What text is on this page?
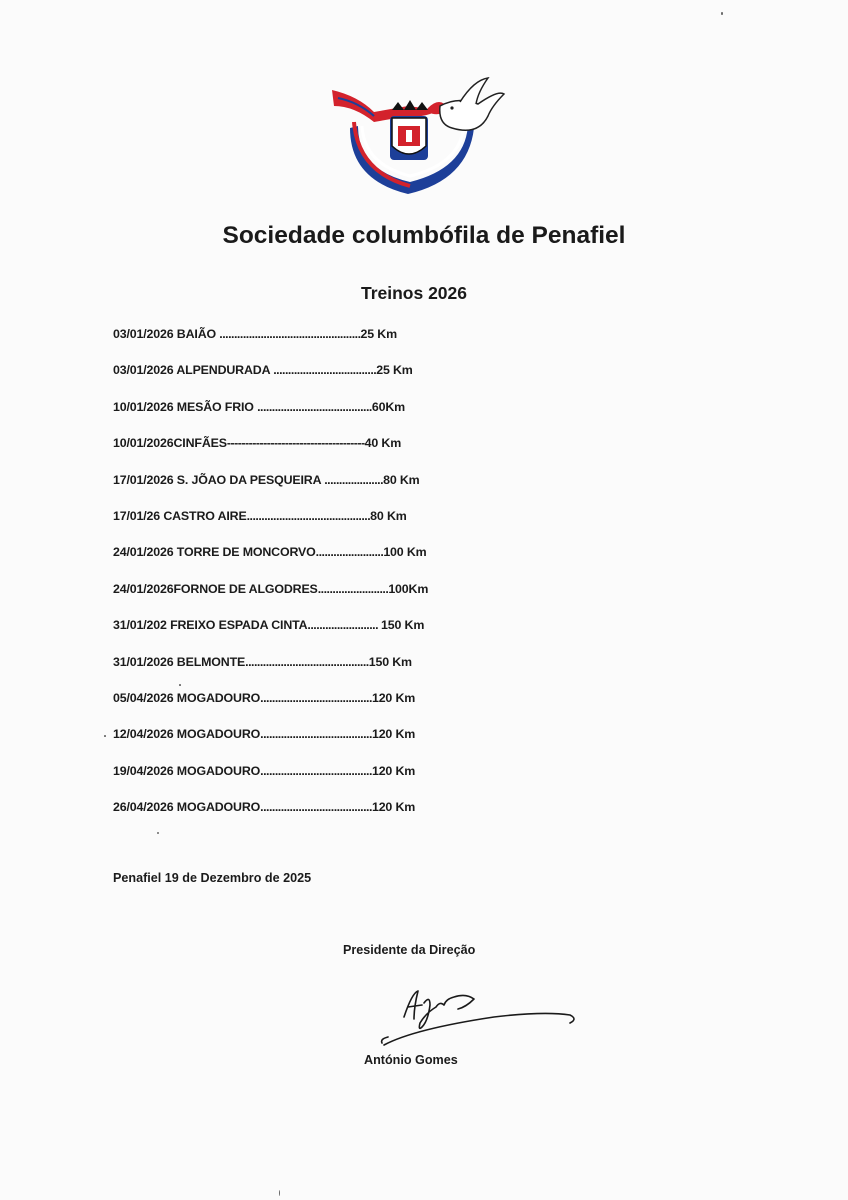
Sociedade columbófila de Penafiel
Treinos 2026
03/01/2026 BAIÃO ................................................25 Km
03/01/2026 ALPENDURADA ...................................25 Km
10/01/2026 MESÃO FRIO .......................................60Km
10/01/2026CINFÃES--------------------------------------40 Km
17/01/2026 S. JÕAO DA PESQUEIRA ....................80 Km
17/01/26 CASTRO AIRE..........................................80 Km
24/01/2026 TORRE DE MONCORVO.......................100 Km
24/01/2026FORNOE DE ALGODRES........................100Km
31/01/202 FREIXO ESPADA CINTA........................ 150 Km
31/01/2026 BELMONTE..........................................150 Km
05/04/2026 MOGADOURO......................................120 Km
12/04/2026 MOGADOURO......................................120 Km
19/04/2026 MOGADOURO......................................120 Km
26/04/2026 MOGADOURO......................................120 Km
Penafiel 19 de Dezembro de 2025
Presidente da Direção
António Gomes
